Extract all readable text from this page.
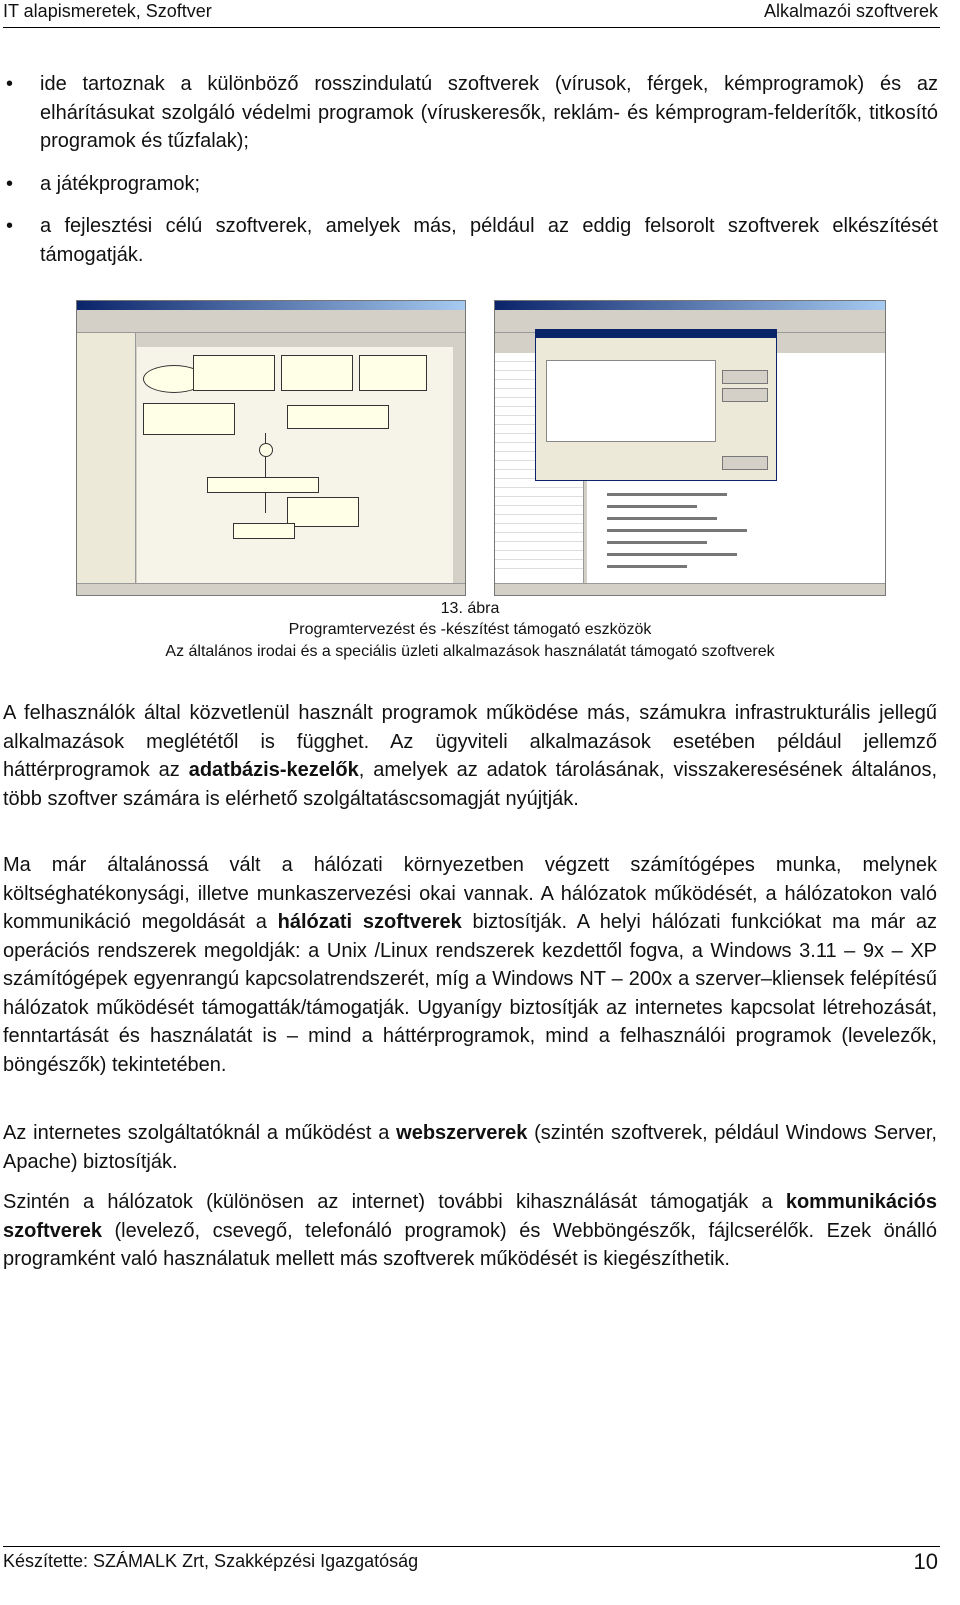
IT alapismeretek, Szoftver	Alkalmazói szoftverek
• ide tartoznak a különböző rosszindulatú szoftverek (vírusok, férgek, kémprogramok) és az elhárításukat szolgáló védelmi programok (víruskeresők, reklám- és kémprogram-felderítők, titkosító programok és tűzfalak);
• a játékprogramok;
• a fejlesztési célú szoftverek, amelyek más, például az eddig felsorolt szoftverek elkészítését támogatják.
13. ábra
Programtervezést és -készítést támogató eszközök
Az általános irodai és a speciális üzleti alkalmazások használatát támogató szoftverek

A felhasználók által közvetlenül használt programok működése más, számukra infrastrukturális jellegű alkalmazások meglététől is függhet. Az ügyviteli alkalmazások esetében például jellemző háttérprogramok az adatbázis-kezelők, amelyek az adatok tárolásának, visszakeresésének általános, több szoftver számára is elérhető szolgáltatáscsomagját nyújtják.

Ma már általánossá vált a hálózati környezetben végzett számítógépes munka, melynek költséghatékonysági, illetve munkaszervezési okai vannak. A hálózatok működését, a hálózatokon való kommunikáció megoldását a hálózati szoftverek biztosítják. A helyi hálózati funkciókat ma már az operációs rendszerek megoldják: a Unix /Linux rendszerek kezdettől fogva, a Windows 3.11 – 9x – XP számítógépek egyenrangú kapcsolatrendszerét, míg a Windows NT – 200x a szerver–kliensek felépítésű hálózatok működését támogatták/támogatják. Ugyanígy biztosítják az internetes kapcsolat létrehozását, fenntartását és használatát is – mind a háttérprogramok, mind a felhasználói programok (levelezők, böngészők) tekintetében.

Az internetes szolgáltatóknál a működést a webszerverek (szintén szoftverek, például Windows Server, Apache) biztosítják.

Szintén a hálózatok (különösen az internet) további kihasználását támogatják a kommunikációs szoftverek (levelező, csevegő, telefonáló programok) és Webböngészők, fájlcserélők. Ezek önálló programként való használatuk mellett más szoftverek működését is kiegészíthetik.

Készítette: SZÁMALK Zrt, Szakképzési Igazgatóság	10
